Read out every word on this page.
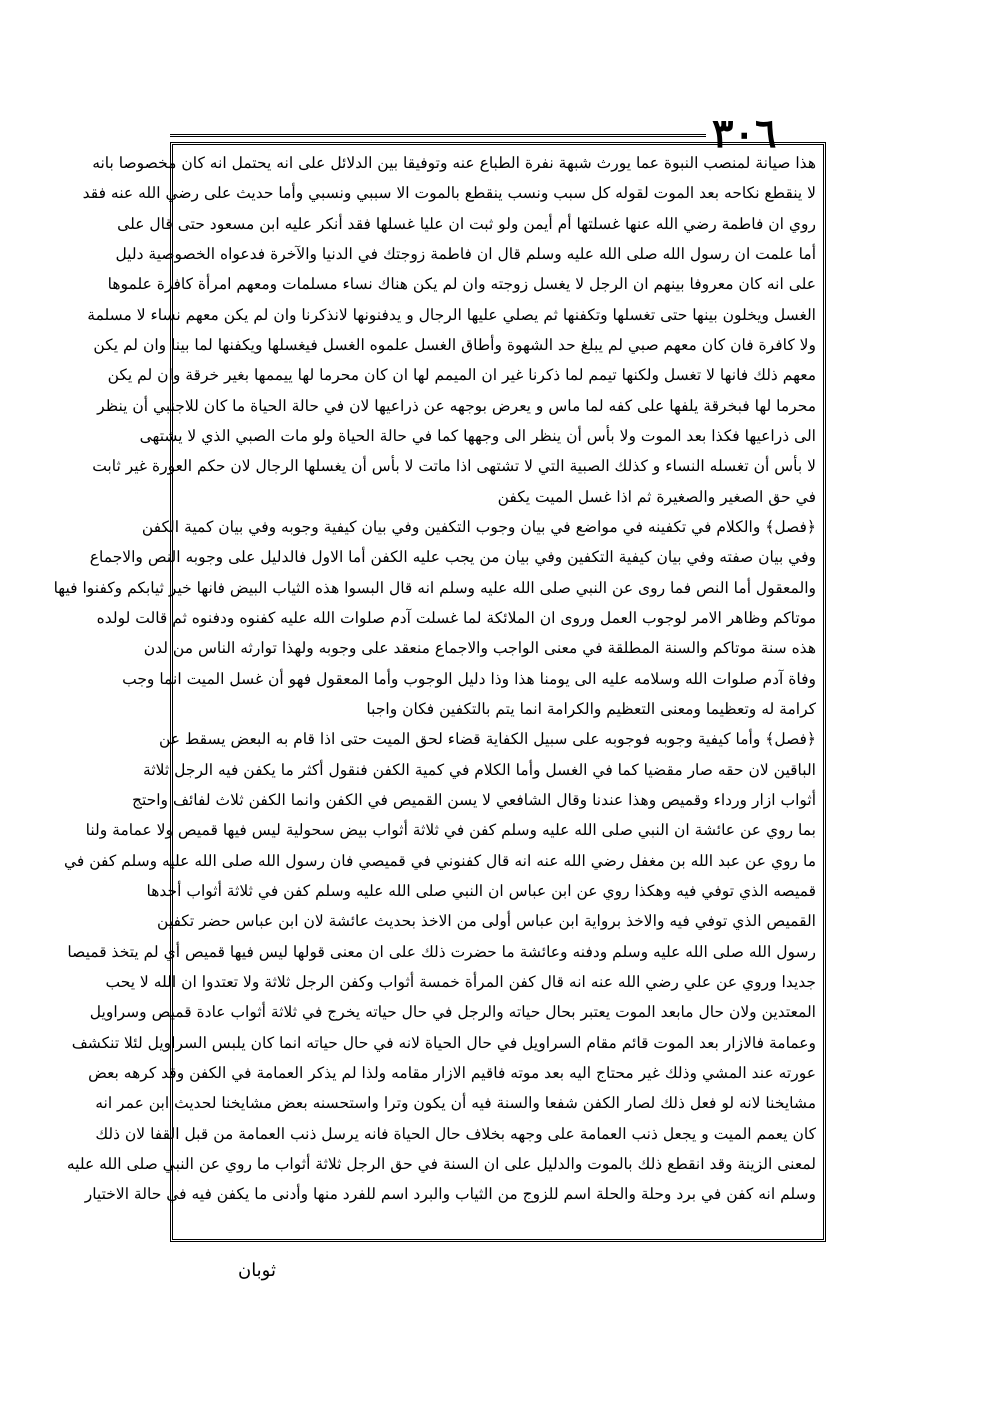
٣٠٦
هذا صيانة لمنصب النبوة عما يورث شبهة نفرة الطباع عنه وتوفيقا بين الدلائل على انه يحتمل انه كان مخصوصا بانه
لا ينقطع نكاحه بعد الموت لقوله كل سبب ونسب ينقطع بالموت الا سببي ونسبي وأما حديث على رضي الله عنه فقد
روي ان فاطمة رضي الله عنها غسلتها أم أيمن ولو ثبت ان عليا غسلها فقد أنكر عليه ابن مسعود حتى قال على
أما علمت ان رسول الله صلى الله عليه وسلم قال ان فاطمة زوجتك في الدنيا والآخرة فدعواه الخصوصية دليل
على انه كان معروفا بينهم ان الرجل لا يغسل زوجته وان لم يكن هناك نساء مسلمات ومعهم امرأة كافرة علموها
الغسل ويخلون بينها حتى تغسلها وتكفنها ثم يصلي عليها الرجال و يدفنونها لانذكرنا وان لم يكن معهم نساء لا مسلمة
ولا كافرة فان كان معهم صبي لم يبلغ حد الشهوة وأطاق الغسل علموه الغسل فيغسلها ويكفنها لما بينا وان لم يكن
معهم ذلك فانها لا تغسل ولكنها تيمم لما ذكرنا غير ان الميمم لها ان كان محرما لها ييممها بغير خرقة وان لم يكن
محرما لها فبخرقة يلفها على كفه لما ماس و يعرض بوجهه عن ذراعيها لان في حالة الحياة ما كان للاجنبي أن ينظر
الى ذراعيها فكذا بعد الموت ولا بأس أن ينظر الى وجهها كما في حالة الحياة ولو مات الصبي الذي لا يشتهى
لا بأس أن تغسله النساء و كذلك الصبية التي لا تشتهى اذا ماتت لا بأس أن يغسلها الرجال لان حكم العورة غير ثابت
في حق الصغير والصغيرة ثم اذا غسل الميت يكفن
﴿فصل﴾ والكلام في تكفينه في مواضع في بيان وجوب التكفين وفي بيان كيفية وجوبه وفي بيان كمية الكفن
وفي بيان صفته وفي بيان كيفية التكفين وفي بيان من يجب عليه الكفن أما الاول فالدليل على وجوبه النص والاجماع
والمعقول أما النص فما روى عن النبي صلى الله عليه وسلم انه قال البسوا هذه الثياب البيض فانها خير ثيابكم وكفنوا فيها
موتاكم وظاهر الامر لوجوب العمل وروى ان الملائكة لما غسلت آدم صلوات الله عليه كفنوه ودفنوه ثم قالت لولده
هذه سنة موتاكم والسنة المطلقة في معنى الواجب والاجماع منعقد على وجوبه ولهذا توارثه الناس من لدن
وفاة آدم صلوات الله وسلامه عليه الى يومنا هذا وذا دليل الوجوب وأما المعقول فهو أن غسل الميت انما وجب
كرامة له وتعظيما ومعنى التعظيم والكرامة انما يتم بالتكفين فكان واجبا
﴿فصل﴾ وأما كيفية وجوبه فوجوبه على سبيل الكفاية قضاء لحق الميت حتى اذا قام به البعض يسقط عن
الباقين لان حقه صار مقضيا كما في الغسل وأما الكلام في كمية الكفن فنقول أكثر ما يكفن فيه الرجل ثلاثة
أثواب ازار ورداء وقميص وهذا عندنا وقال الشافعي لا يسن القميص في الكفن وانما الكفن ثلاث لفائف واحتج
بما روي عن عائشة ان النبي صلى الله عليه وسلم كفن في ثلاثة أثواب بيض سحولية ليس فيها قميص ولا عمامة ولنا
ما روي عن عبد الله بن مغفل رضي الله عنه انه قال كفنوني في قميصي فان رسول الله صلى الله عليه وسلم كفن في
قميصه الذي توفي فيه وهكذا روي عن ابن عباس ان النبي صلى الله عليه وسلم كفن في ثلاثة أثواب أحدها
القميص الذي توفي فيه والاخذ برواية ابن عباس أولى من الاخذ بحديث عائشة لان ابن عباس حضر تكفين
رسول الله صلى الله عليه وسلم ودفنه وعائشة ما حضرت ذلك على ان معنى قولها ليس فيها قميص أي لم يتخذ قميصا
جديدا وروي عن علي رضي الله عنه انه قال كفن المرأة خمسة أثواب وكفن الرجل ثلاثة ولا تعتدوا ان الله لا يحب
المعتدين ولان حال مابعد الموت يعتبر بحال حياته والرجل في حال حياته يخرج في ثلاثة أثواب عادة قميص وسراويل
وعمامة فالازار بعد الموت قائم مقام السراويل في حال الحياة لانه في حال حياته انما كان يلبس السراويل لئلا تنكشف
عورته عند المشي وذلك غير محتاج اليه بعد موته فاقيم الازار مقامه ولذا لم يذكر العمامة في الكفن وقد كرهه بعض
مشايخنا لانه لو فعل ذلك لصار الكفن شفعا والسنة فيه أن يكون وترا واستحسنه بعض مشايخنا لحديث ابن عمر انه
كان يعمم الميت و يجعل ذنب العمامة على وجهه بخلاف حال الحياة فانه يرسل ذنب العمامة من قبل القفا لان ذلك
لمعنى الزينة وقد انقطع ذلك بالموت والدليل على ان السنة في حق الرجل ثلاثة أثواب ما روي عن النبي صلى الله عليه
وسلم انه كفن في برد وحلة والحلة اسم للزوج من الثياب والبرد اسم للفرد منها وأدنى ما يكفن فيه في حالة الاختيار
ثوبان
